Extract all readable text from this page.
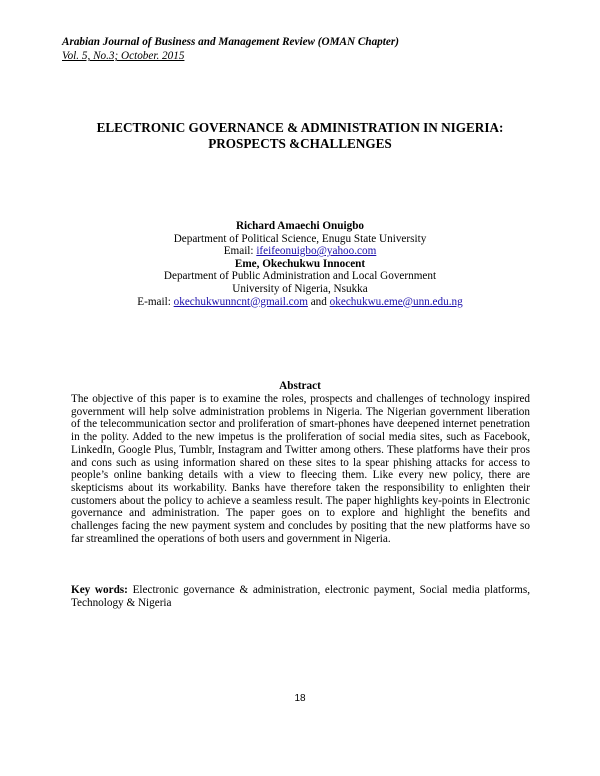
Arabian Journal of Business and Management Review (OMAN Chapter)
Vol. 5, No.3; October. 2015
ELECTRONIC GOVERNANCE & ADMINISTRATION IN NIGERIA:
PROSPECTS &CHALLENGES
Richard Amaechi Onuigbo
Department of Political Science, Enugu State University
Email: ifeifeonuigbo@yahoo.com
Eme, Okechukwu Innocent
Department of Public Administration and Local Government
University of Nigeria, Nsukka
E-mail: okechukwunncnt@gmail.com and okechukwu.eme@unn.edu.ng
Abstract
The objective of this paper is to examine the roles, prospects and challenges of technology inspired government will help solve administration problems in Nigeria. The Nigerian government liberation of the telecommunication sector and proliferation of smart-phones have deepened internet penetration in the polity. Added to the new impetus is the proliferation of social media sites, such as Facebook, LinkedIn, Google Plus, Tumblr, Instagram and Twitter among others. These platforms have their pros and cons such as using information shared on these sites to la spear phishing attacks for access to people’s online banking details with a view to fleecing them. Like every new policy, there are skepticisms about its workability. Banks have therefore taken the responsibility to enlighten their customers about the policy to achieve a seamless result. The paper highlights key-points in Electronic governance and administration. The paper goes on to explore and highlight the benefits and challenges facing the new payment system and concludes by positing that the new platforms have so far streamlined the operations of both users and government in Nigeria.
Key words: Electronic governance & administration, electronic payment, Social media platforms, Technology & Nigeria
18
